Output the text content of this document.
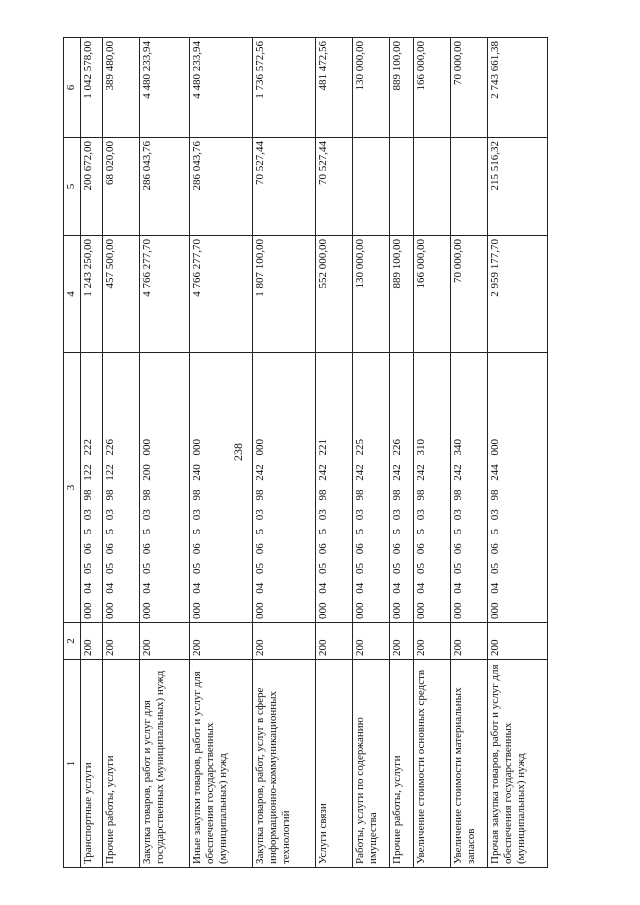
238
1	2	3	4	5	6
Транспортные услуги	200	000 04 05 06 5 03 98 122 222	1 243 250,00	200 672,00	1 042 578,00
Прочие работы, услуги	200	000 04 05 06 5 03 98 122 226	457 500,00	68 020,00	389 480,00
Закупка товаров, работ и услуг для государственных (муниципальных) нужд	200	000 04 05 06 5 03 98 200 000	4 766 277,70	286 043,76	4 480 233,94
Иные закупки товаров, работ и услуг для обеспечения государственных (муниципальных) нужд	200	000 04 05 06 5 03 98 240 000	4 766 277,70	286 043,76	4 480 233,94
Закупка товаров, работ, услуг в сфере информационно-коммуникационных технологий	200	000 04 05 06 5 03 98 242 000	1 807 100,00	70 527,44	1 736 572,56
Услуги связи	200	000 04 05 06 5 03 98 242 221	552 000,00	70 527,44	481 472,56
Работы, услуги по содержанию имущества	200	000 04 05 06 5 03 98 242 225	130 000,00		130 000,00
Прочие работы, услуги	200	000 04 05 06 5 03 98 242 226	889 100,00		889 100,00
Увеличение стоимости основных средств	200	000 04 05 06 5 03 98 242 310	166 000,00		166 000,00
Увеличение стоимости материальных запасов	200	000 04 05 06 5 03 98 242 340	70 000,00		70 000,00
Прочая закупка товаров, работ и услуг для обеспечения государственных (муниципальных) нужд	200	000 04 05 06 5 03 98 244 000	2 959 177,70	215 516,32	2 743 661,38
